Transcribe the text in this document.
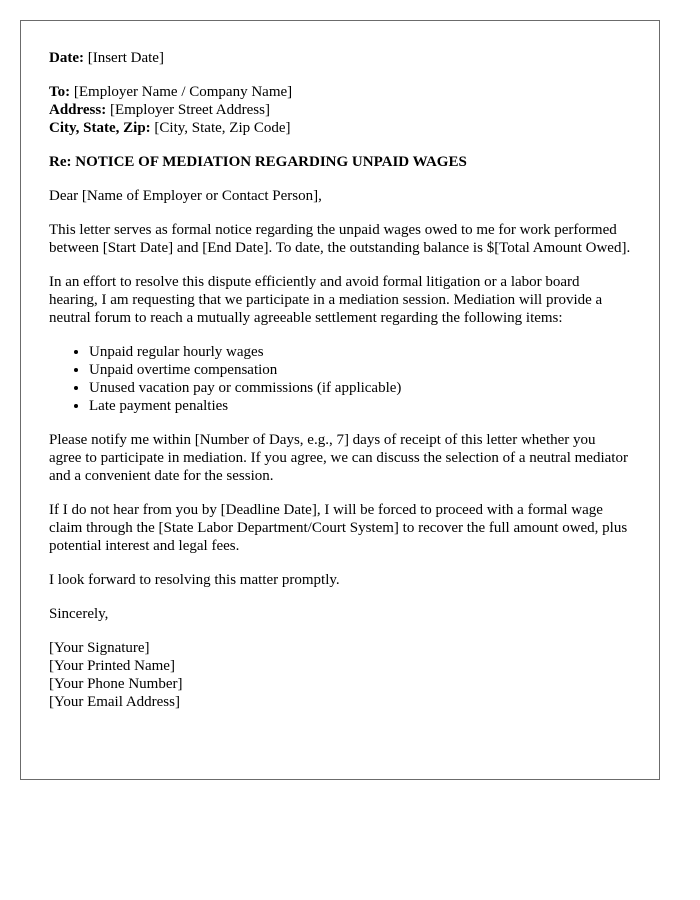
Date: [Insert Date]
To: [Employer Name / Company Name]
Address: [Employer Street Address]
City, State, Zip: [City, State, Zip Code]

Re: NOTICE OF MEDIATION REGARDING UNPAID WAGES

Dear [Name of Employer or Contact Person],

This letter serves as formal notice regarding the unpaid wages owed to me for work performed between [Start Date] and [End Date]. To date, the outstanding balance is $[Total Amount Owed].

In an effort to resolve this dispute efficiently and avoid formal litigation or a labor board hearing, I am requesting that we participate in a mediation session. Mediation will provide a neutral forum to reach a mutually agreeable settlement regarding the following items:

• Unpaid regular hourly wages
• Unpaid overtime compensation
• Unused vacation pay or commissions (if applicable)
• Late payment penalties

Please notify me within [Number of Days, e.g., 7] days of receipt of this letter whether you agree to participate in mediation. If you agree, we can discuss the selection of a neutral mediator and a convenient date for the session.

If I do not hear from you by [Deadline Date], I will be forced to proceed with a formal wage claim through the [State Labor Department/Court System] to recover the full amount owed, plus potential interest and legal fees.

I look forward to resolving this matter promptly.

Sincerely,

[Your Signature]
[Your Printed Name]
[Your Phone Number]
[Your Email Address]
